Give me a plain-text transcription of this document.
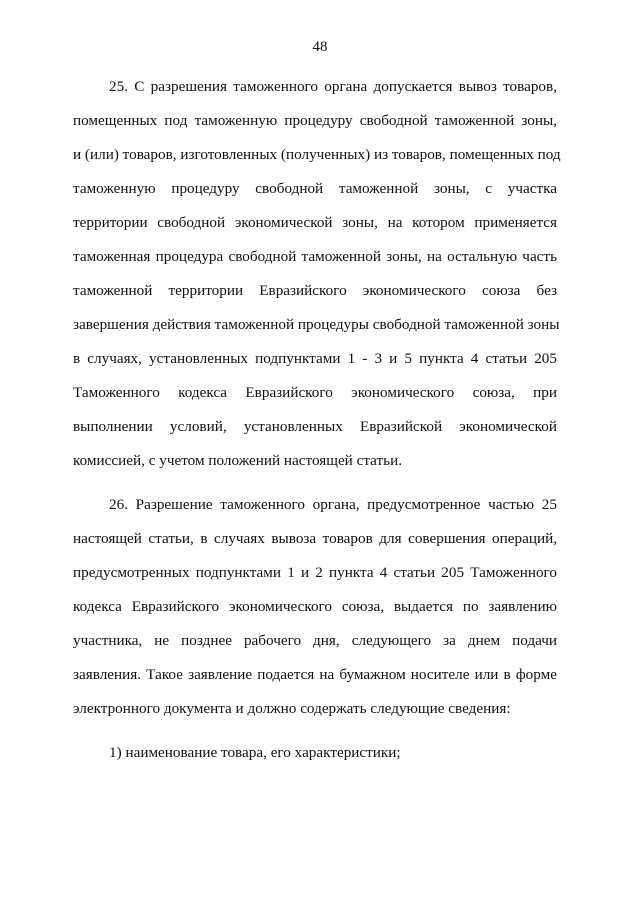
48
25. С разрешения таможенного органа допускается вывоз товаров,
помещенных под таможенную процедуру свободной таможенной зоны,
и (или) товаров, изготовленных (полученных) из товаров, помещенных под
таможенную процедуру свободной таможенной зоны, с участка
территории свободной экономической зоны, на котором применяется
таможенная процедура свободной таможенной зоны, на остальную часть
таможенной территории Евразийского экономического союза без
завершения действия таможенной процедуры свободной таможенной зоны
в случаях, установленных подпунктами 1 - 3 и 5 пункта 4 статьи 205
Таможенного кодекса Евразийского экономического союза, при
выполнении условий, установленных Евразийской экономической
комиссией, с учетом положений настоящей статьи.
26. Разрешение таможенного органа, предусмотренное частью 25
настоящей статьи, в случаях вывоза товаров для совершения операций,
предусмотренных подпунктами 1 и 2 пункта 4 статьи 205 Таможенного
кодекса Евразийского экономического союза, выдается по заявлению
участника, не позднее рабочего дня, следующего за днем подачи
заявления. Такое заявление подается на бумажном носителе или в форме
электронного документа и должно содержать следующие сведения:
1) наименование товара, его характеристики;
